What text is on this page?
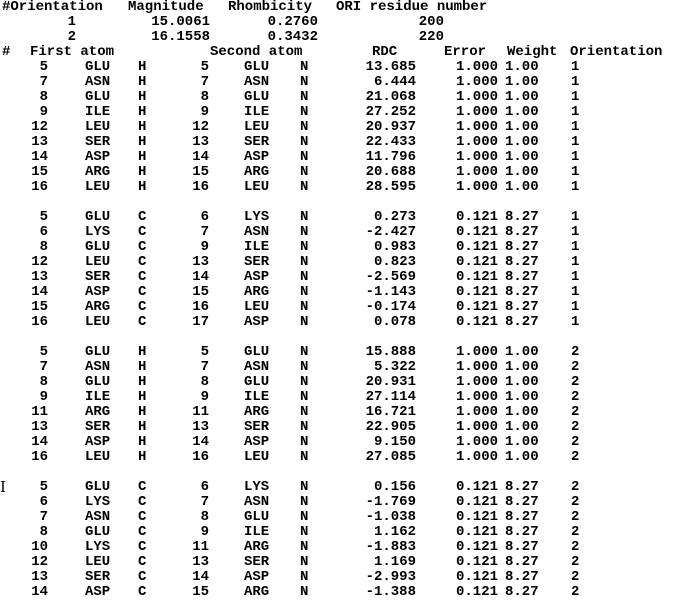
#Orientation Magnitude Rhombicity ORI residue number
1	15.0061	0.2760	200
2	16.1558	0.3432	220
# First atom	Second atom	RDC	Error Weight Orientation
5	GLU H	5	GLU N	13.685	1.000 1.00 1
7	ASN H	7	ASN N	6.444	1.000 1.00 1
8	GLU H	8	GLU N	21.068	1.000 1.00 1
9	ILE H	9	ILE N	27.252	1.000 1.00 1
12	LEU H	12	LEU N	20.937	1.000 1.00 1
13	SER H	13	SER N	22.433	1.000 1.00 1
14	ASP H	14	ASP N	11.796	1.000 1.00 1
15	ARG H	15	ARG N	20.688	1.000 1.00 1
16	LEU H	16	LEU N	28.595	1.000 1.00 1
5	GLU C	6	LYS N	0.273	0.121 8.27 1
6	LYS C	7	ASN N	-2.427	0.121 8.27 1
8	GLU C	9	ILE N	0.983	0.121 8.27 1
12	LEU C	13	SER N	0.823	0.121 8.27 1
13	SER C	14	ASP N	-2.569	0.121 8.27 1
14	ASP C	15	ARG N	-1.143	0.121 8.27 1
15	ARG C	16	LEU N	-0.174	0.121 8.27 1
16	LEU C	17	ASP N	0.078	0.121 8.27 1
5	GLU H	5	GLU N	15.888	1.000 1.00 2
7	ASN H	7	ASN N	5.322	1.000 1.00 2
8	GLU H	8	GLU N	20.931	1.000 1.00 2
9	ILE H	9	ILE N	27.114	1.000 1.00 2
11	ARG H	11	ARG N	16.721	1.000 1.00 2
13	SER H	13	SER N	22.905	1.000 1.00 2
14	ASP H	14	ASP N	9.150	1.000 1.00 2
16	LEU H	16	LEU N	27.085	1.000 1.00 2
5	GLU C	6	LYS N	0.156	0.121 8.27 2
6	LYS C	7	ASN N	-1.769	0.121 8.27 2
7	ASN C	8	GLU N	-1.038	0.121 8.27 2
8	GLU C	9	ILE N	1.162	0.121 8.27 2
10	LYS C	11	ARG N	-1.883	0.121 8.27 2
12	LEU C	13	SER N	1.169	0.121 8.27 2
13	SER C	14	ASP N	-2.993	0.121 8.27 2
14	ASP C	15	ARG N	-1.388	0.121 8.27 2
I
